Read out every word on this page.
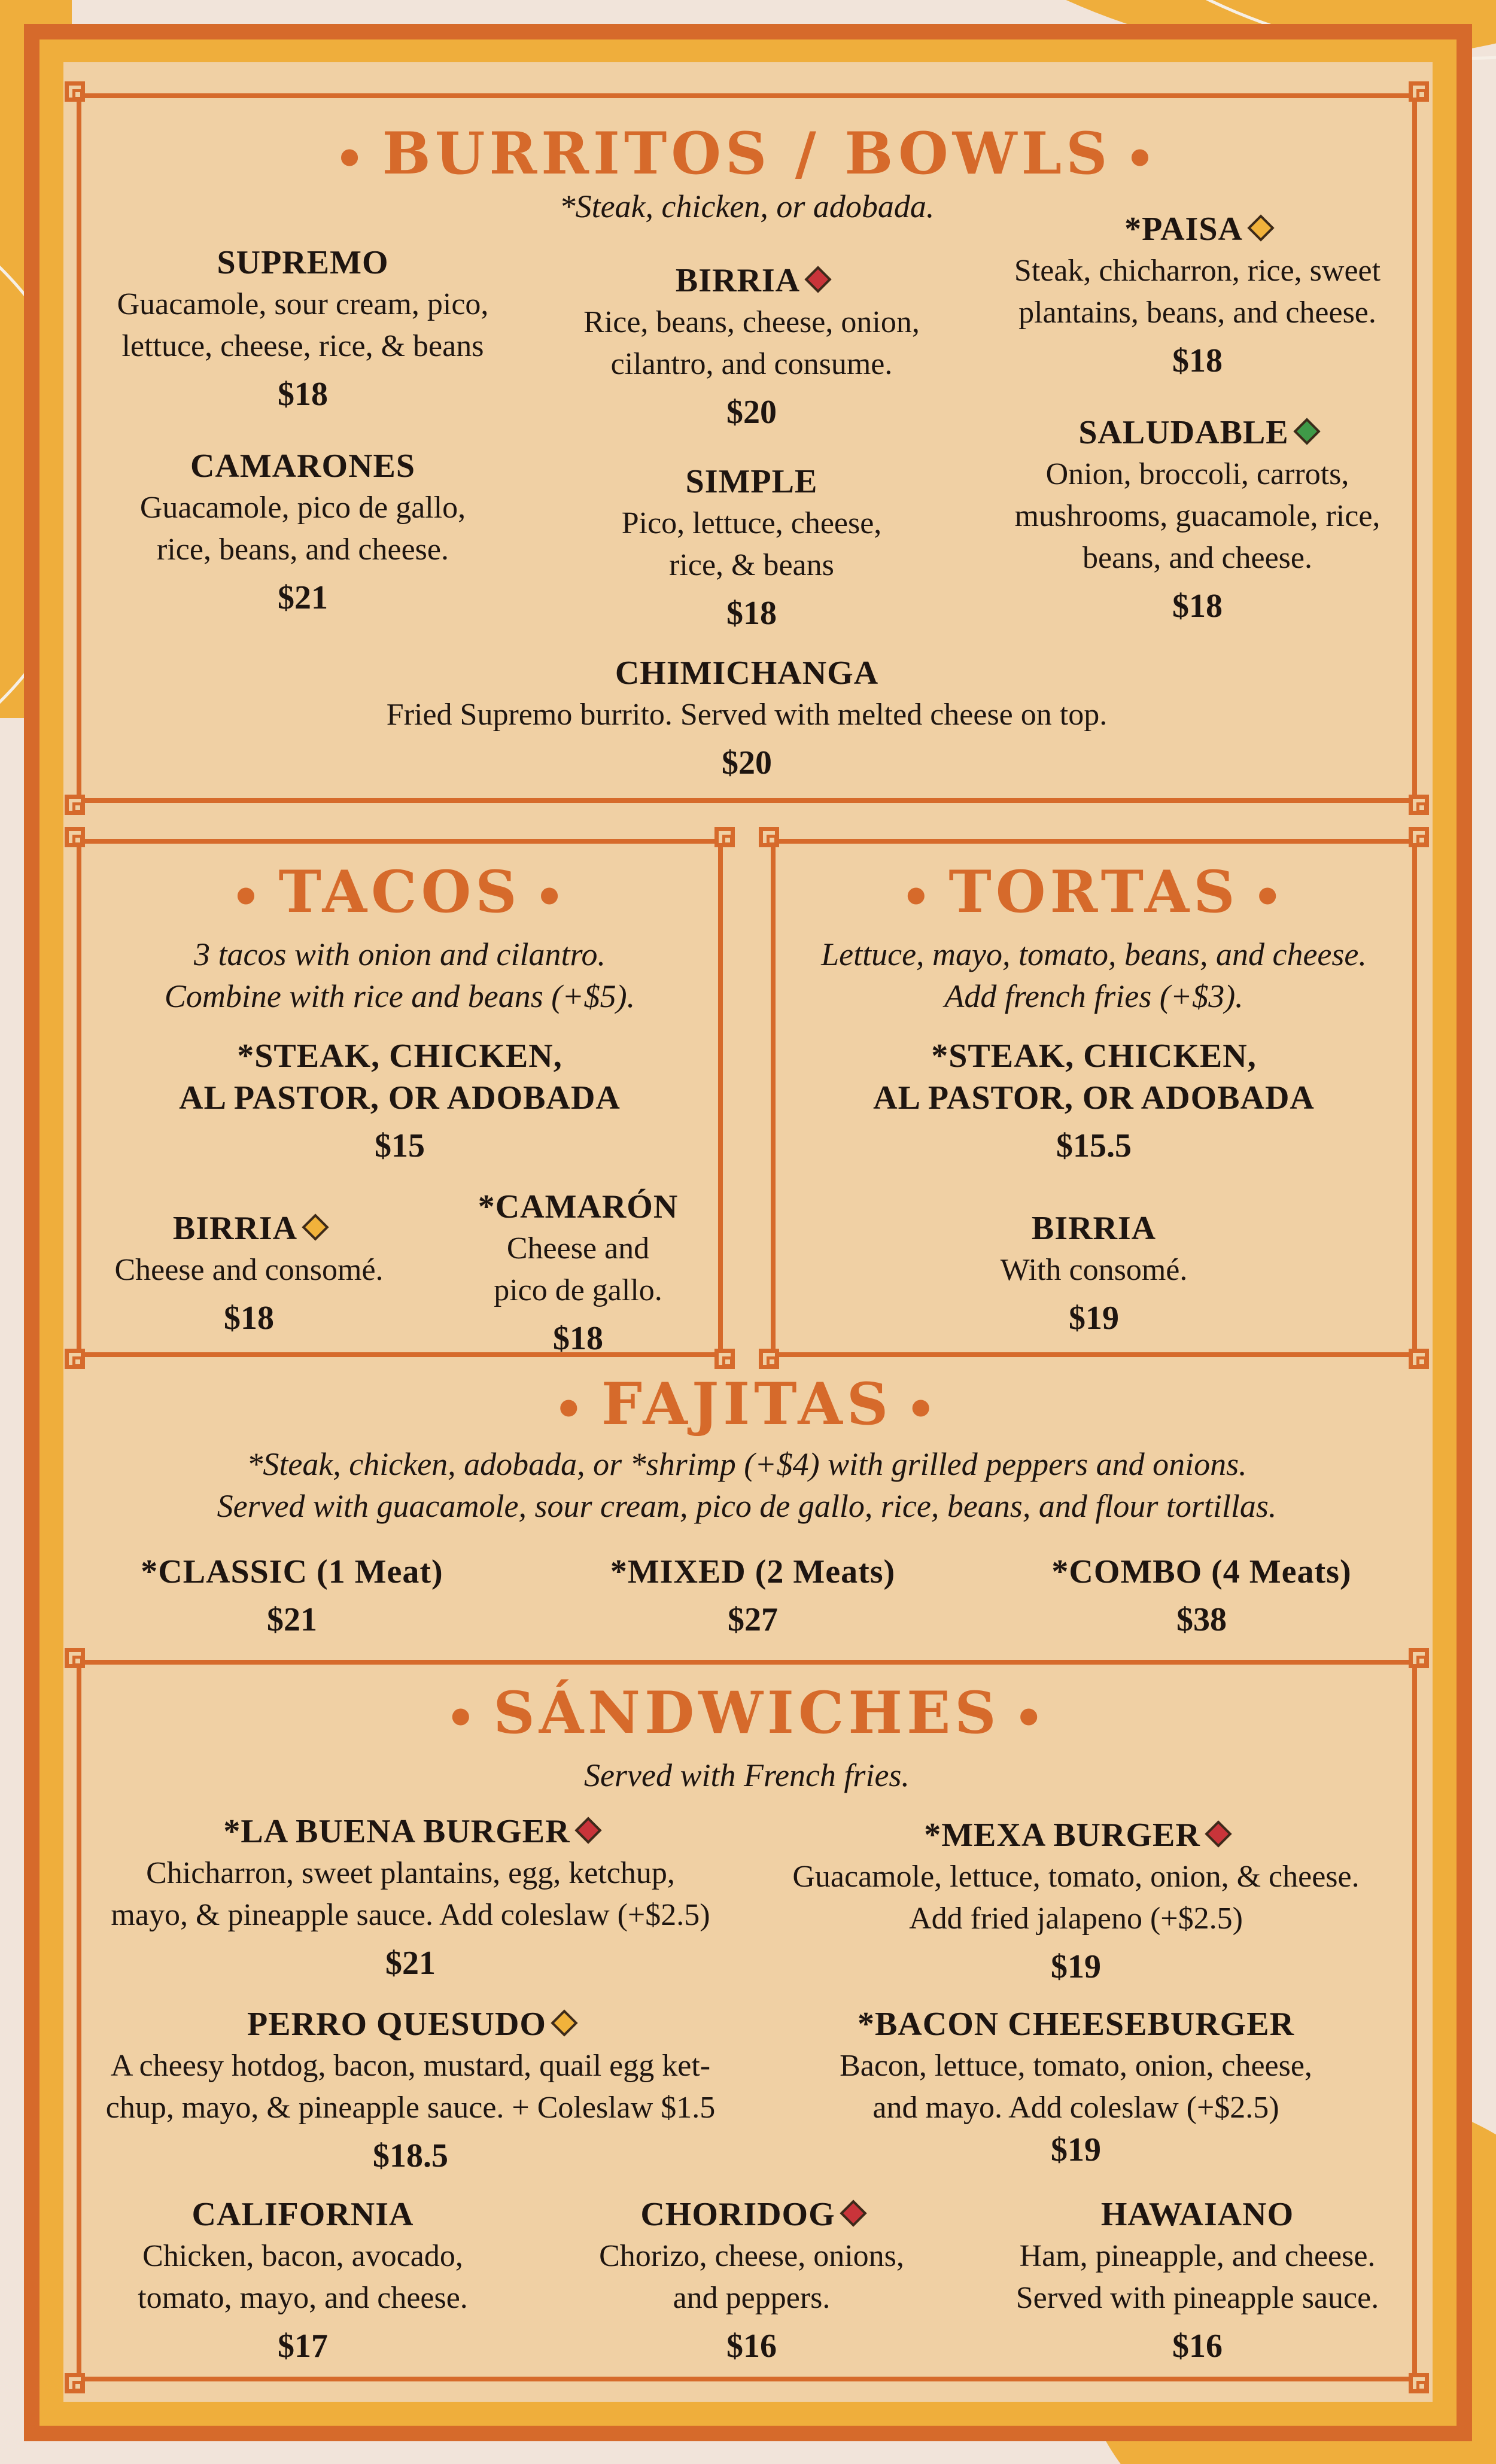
• BURRITOS / BOWLS •
*Steak, chicken, or adobada.
SUPREMO
Guacamole, sour cream, pico,
lettuce, cheese, rice, & beans
$18
CAMARONES
Guacamole, pico de gallo,
rice, beans, and cheese.
$21
BIRRIA
Rice, beans, cheese, onion,
cilantro, and consume.
$20
SIMPLE
Pico, lettuce, cheese,
rice, & beans
$18
*PAISA
Steak, chicharron, rice, sweet
plantains, beans, and cheese.
$18
SALUDABLE
Onion, broccoli, carrots,
mushrooms, guacamole, rice,
beans, and cheese.
$18
CHIMICHANGA
Fried Supremo burrito. Served with melted cheese on top.
$20
• TACOS •
3 tacos with onion and cilantro.
Combine with rice and beans (+$5).
*STEAK, CHICKEN,
AL PASTOR, OR ADOBADA
$15
BIRRIA
Cheese and consomé.
$18
*CAMARÓN
Cheese and
pico de gallo.
$18
• TORTAS •
Lettuce, mayo, tomato, beans, and cheese.
Add french fries (+$3).
*STEAK, CHICKEN,
AL PASTOR, OR ADOBADA
$15.5
BIRRIA
With consomé.
$19
• FAJITAS •
*Steak, chicken, adobada, or *shrimp (+$4) with grilled peppers and onions.
Served with guacamole, sour cream, pico de gallo, rice, beans, and flour tortillas.
*CLASSIC (1 Meat)
$21
*MIXED (2 Meats)
$27
*COMBO (4 Meats)
$38
• SÁNDWICHES •
Served with French fries.
*LA BUENA BURGER
Chicharron, sweet plantains, egg, ketchup,
mayo, & pineapple sauce. Add coleslaw (+$2.5)
$21
*MEXA BURGER
Guacamole, lettuce, tomato, onion, & cheese.
Add fried jalapeno (+$2.5)
$19
PERRO QUESUDO
A cheesy hotdog, bacon, mustard, quail egg ket-
chup, mayo, & pineapple sauce. + Coleslaw $1.5
$18.5
*BACON CHEESEBURGER
Bacon, lettuce, tomato, onion, cheese,
and mayo. Add coleslaw (+$2.5)
$19
CALIFORNIA
Chicken, bacon, avocado,
tomato, mayo, and cheese.
$17
CHORIDOG
Chorizo, cheese, onions,
and peppers.
$16
HAWAIANO
Ham, pineapple, and cheese.
Served with pineapple sauce.
$16
